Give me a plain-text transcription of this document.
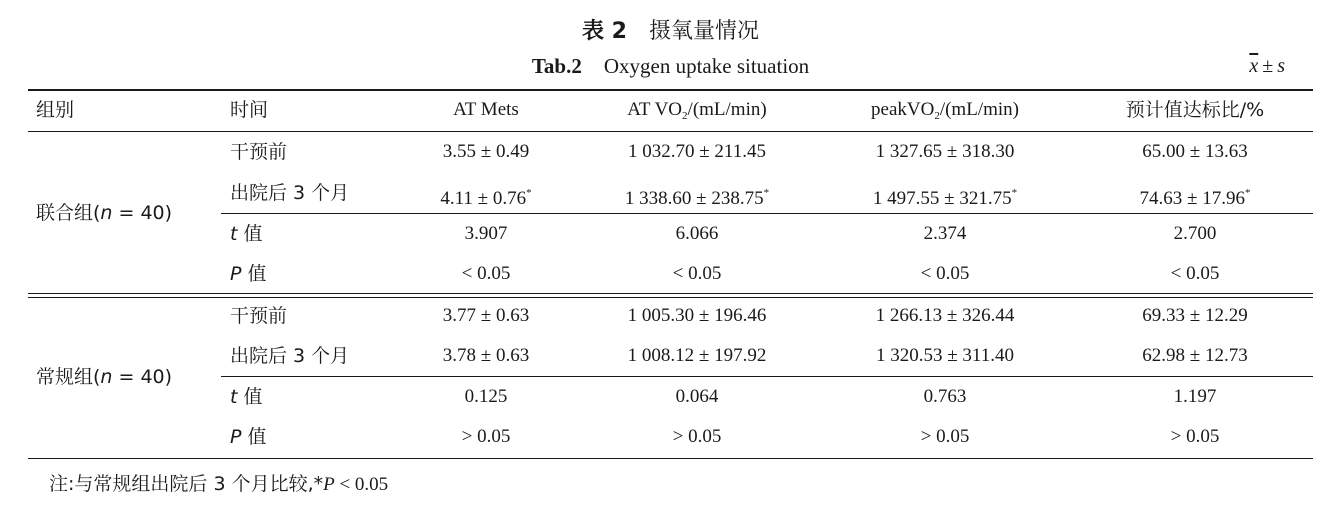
表 2 摄氧量情况
Tab.2 Oxygen uptake situation	$\overline{x} \pm s$
组别	时间	AT Mets	AT $VO_2/(mL/\min)$	peakVO$_2$/(mL/min)	预计值达标比/%
联合组(n = 40)
干预前	3.55 ± 0.49	1 032.70 ± 211.45	1 327.65 ± 318.30	65.00 ± 13.63
出院后 3 个月	4.11 ± 0.76*	1 338.60 ± 238.75*	1 497.55 ± 321.75*	74.63 ± 17.96*
t 值	3.907	6.066	2.374	2.700
P 值	< 0.05	< 0.05	< 0.05	< 0.05
常规组(n = 40)
干预前	3.77 ± 0.63	1 005.30 ± 196.46	1 266.13 ± 326.44	69.33 ± 12.29
出院后 3 个月	3.78 ± 0.63	1 008.12 ± 197.92	1 320.53 ± 311.40	62.98 ± 12.73
t 值	0.125	0.064	0.763	1.197
P 值	> 0.05	> 0.05	> 0.05	> 0.05
注:与常规组出院后 3 个月比较,*P < 0.05
